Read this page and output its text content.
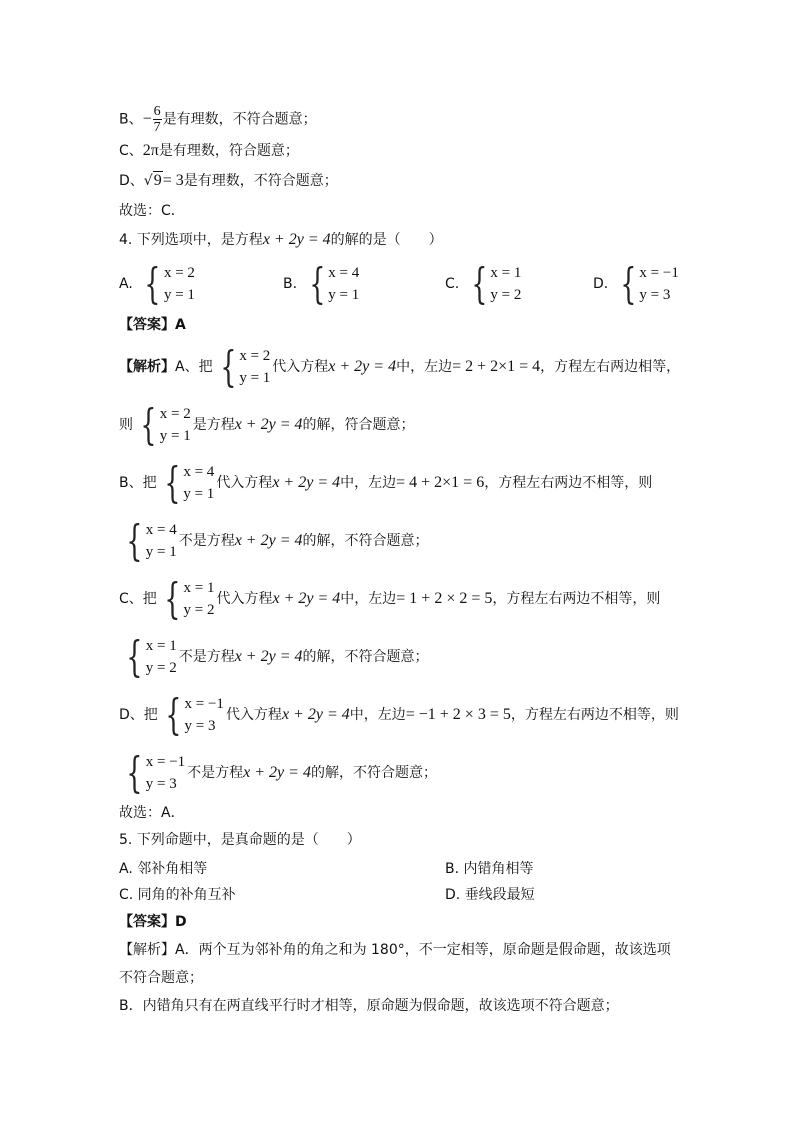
B、− $\frac{6}{7}$ 是有理数，不符合题意；
C、2π是有理数，符合题意；
D、√9= 3是有理数，不符合题意；
故选：C．
4. 下列选项中，是方程x + 2y = 4的解的是（　　）
A. { x = 2
y = 1
B. { x = 4
y = 1
C. { x = 1
y = 2
D. { x = −1
y = 3
【答案】A
【解析】A、把 { x = 2
y = 1
代入方程x + 2y = 4中，左边= 2 + 2×1 = 4，方程左右两边相等，
则 { x = 2
y = 1
是方程x + 2y = 4的解，符合题意；
B、把 { x = 4
y = 1
代入方程x + 2y = 4中，左边= 4 + 2×1 = 6，方程左右两边不相等，则
{ x = 4
y = 1
不是方程x + 2y = 4的解，不符合题意；
C、把 { x = 1
y = 2
代入方程x + 2y = 4中，左边= 1 + 2 × 2 = 5，方程左右两边不相等，则
{ x = 1
y = 2
不是方程x + 2y = 4的解，不符合题意；
D、把 { x = −1
y = 3
代入方程x + 2y = 4中，左边= −1 + 2 × 3 = 5，方程左右两边不相等，则
{ x = −1
y = 3
不是方程x + 2y = 4的解，不符合题意；
故选：A．
5. 下列命题中，是真命题的是（　　）
A. 邻补角相等	B. 内错角相等
C. 同角的补角互补	D. 垂线段最短
【答案】D
【解析】A．两个互为邻补角的角之和为 180°，不一定相等，原命题是假命题，故该选项
不符合题意；
B．内错角只有在两直线平行时才相等，原命题为假命题，故该选项不符合题意；
